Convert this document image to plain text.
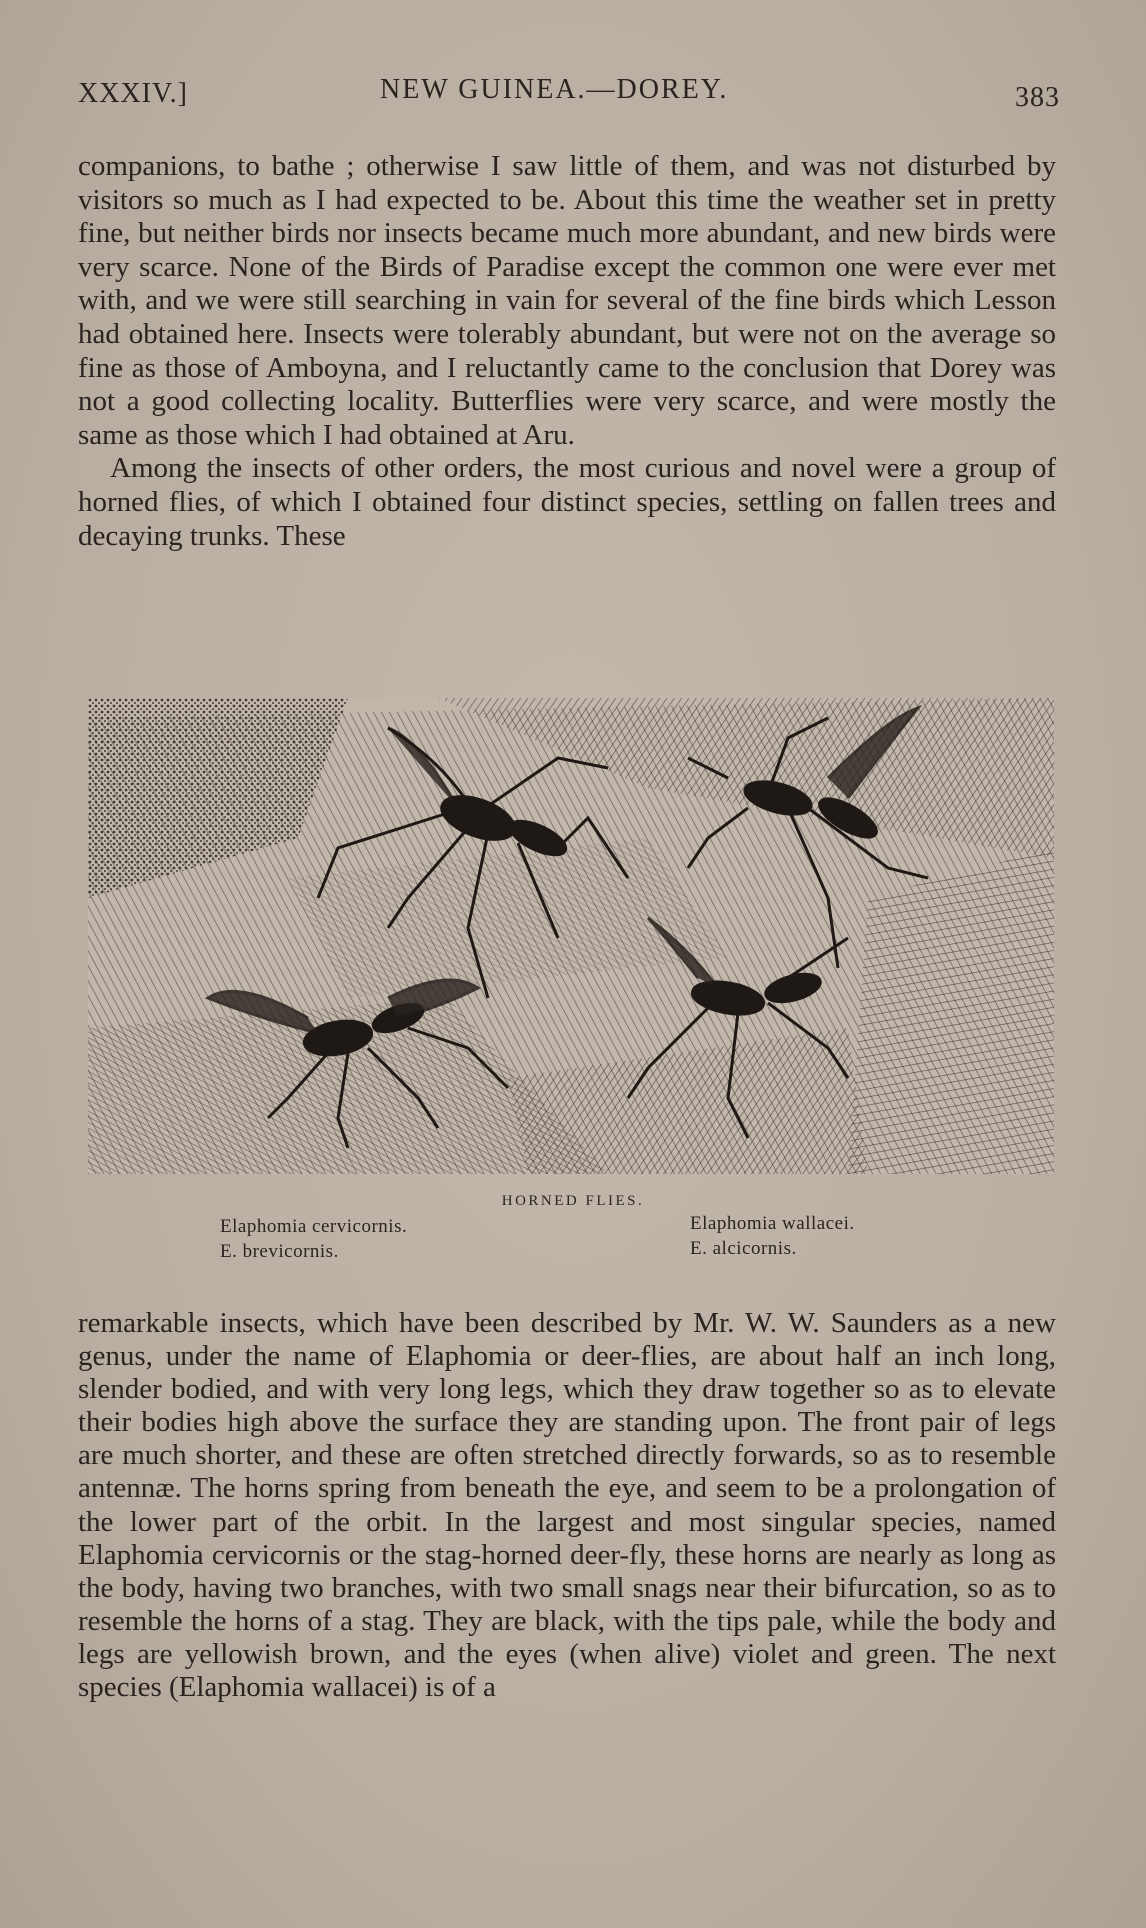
XXXIV.]	NEW GUINEA.—DOREY.	383

companions, to bathe ; otherwise I saw little of them, and was not disturbed by visitors so much as I had expected to be. About this time the weather set in pretty fine, but neither birds nor insects became much more abundant, and new birds were very scarce. None of the Birds of Paradise except the common one were ever met with, and we were still searching in vain for several of the fine birds which Lesson had obtained here. Insects were tolerably abundant, but were not on the average so fine as those of Amboyna, and I reluctantly came to the conclusion that Dorey was not a good collecting locality. Butterflies were very scarce, and were mostly the same as those which I had obtained at Aru.

Among the insects of other orders, the most curious and novel were a group of horned flies, of which I obtained four distinct species, settling on fallen trees and decaying trunks. These

HORNED FLIES.
Elaphomia cervicornis.
E. brevicornis.
Elaphomia wallacei.
E. alcicornis.

remarkable insects, which have been described by Mr. W. W. Saunders as a new genus, under the name of Elaphomia or deer-flies, are about half an inch long, slender bodied, and with very long legs, which they draw together so as to elevate their bodies high above the surface they are standing upon. The front pair of legs are much shorter, and these are often stretched directly forwards, so as to resemble antennæ. The horns spring from beneath the eye, and seem to be a prolongation of the lower part of the orbit. In the largest and most singular species, named Elaphomia cervicornis or the stag-horned deer-fly, these horns are nearly as long as the body, having two branches, with two small snags near their bifurcation, so as to resemble the horns of a stag. They are black, with the tips pale, while the body and legs are yellowish brown, and the eyes (when alive) violet and green. The next species (Elaphomia wallacei) is of a
